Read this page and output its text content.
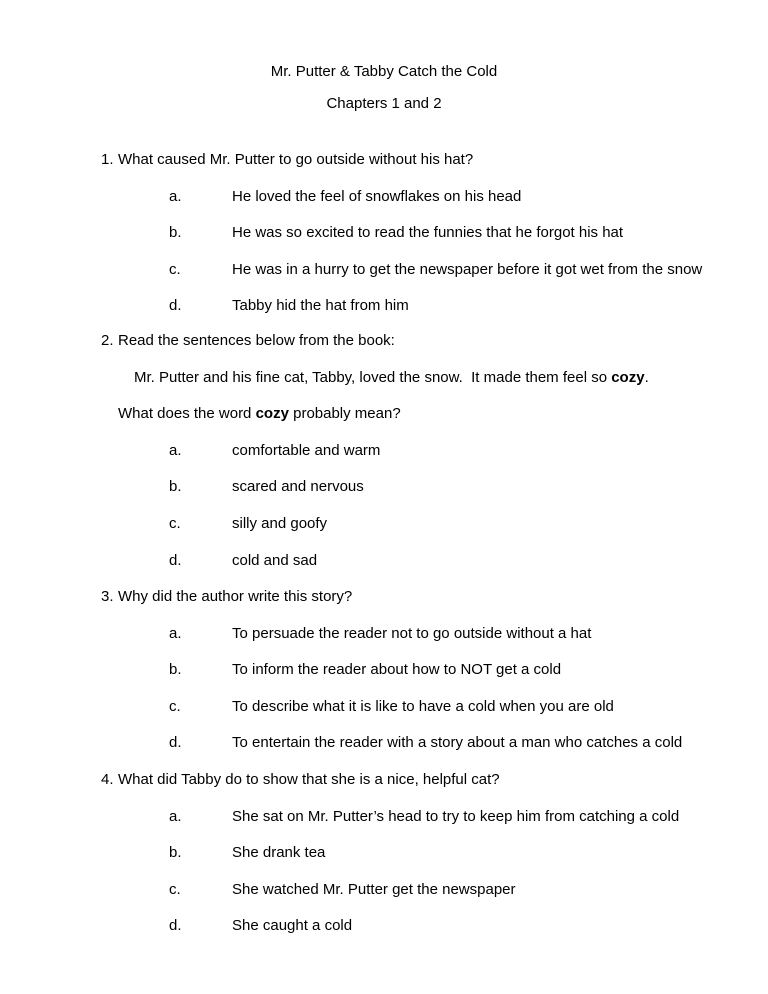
Mr. Putter & Tabby Catch the Cold
Chapters 1 and 2
1. What caused Mr. Putter to go outside without his hat?
a.	He loved the feel of snowflakes on his head
b.	He was so excited to read the funnies that he forgot his hat
c.	He was in a hurry to get the newspaper before it got wet from the snow
d.	Tabby hid the hat from him
2. Read the sentences below from the book:
Mr. Putter and his fine cat, Tabby, loved the snow.  It made them feel so cozy.
What does the word cozy probably mean?
a.	comfortable and warm
b.	scared and nervous
c.	silly and goofy
d.	cold and sad
3. Why did the author write this story?
a.	To persuade the reader not to go outside without a hat
b.	To inform the reader about how to NOT get a cold
c.	To describe what it is like to have a cold when you are old
d.	To entertain the reader with a story about a man who catches a cold
4. What did Tabby do to show that she is a nice, helpful cat?
a.	She sat on Mr. Putter’s head to try to keep him from catching a cold
b.	She drank tea
c.	She watched Mr. Putter get the newspaper
d.	She caught a cold
